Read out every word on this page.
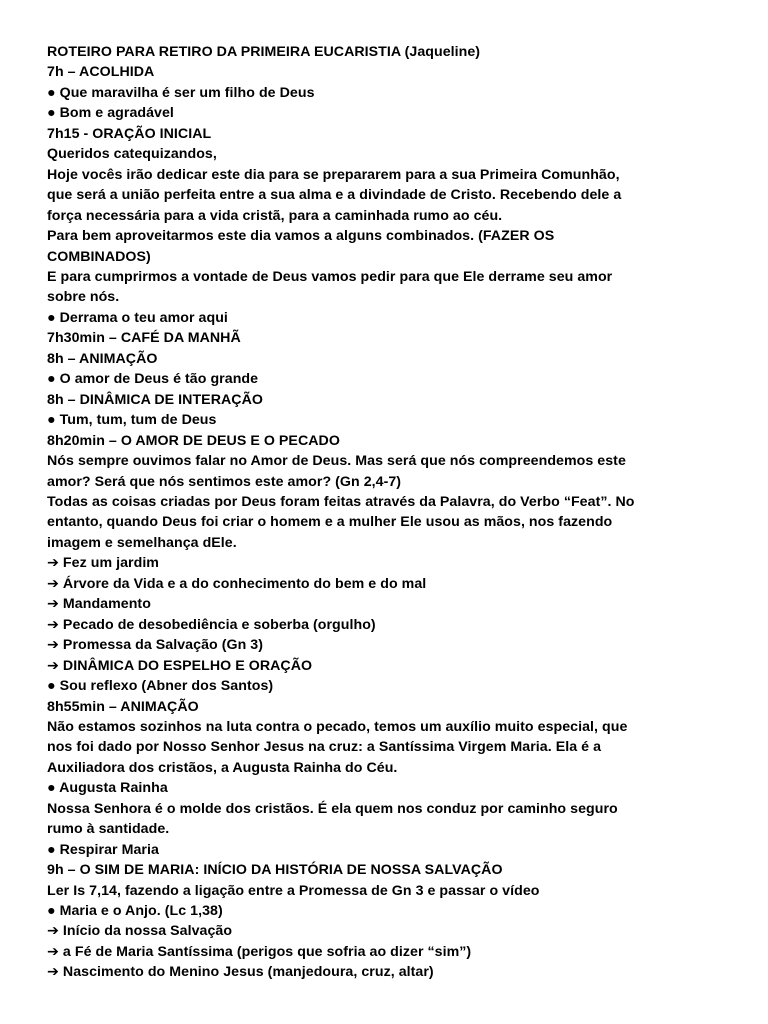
ROTEIRO PARA RETIRO DA PRIMEIRA EUCARISTIA (Jaqueline)
7h – ACOLHIDA
● Que maravilha é ser um filho de Deus
● Bom e agradável
7h15 - ORAÇÃO INICIAL
Queridos catequizandos,
Hoje vocês irão dedicar este dia para se prepararem para a sua Primeira Comunhão,
que será a união perfeita entre a sua alma e a divindade de Cristo. Recebendo dele a
força necessária para a vida cristã, para a caminhada rumo ao céu.
Para bem aproveitarmos este dia vamos a alguns combinados. (FAZER OS
COMBINADOS)
E para cumprirmos a vontade de Deus vamos pedir para que Ele derrame seu amor
sobre nós.
● Derrama o teu amor aqui
7h30min – CAFÉ DA MANHÃ
8h – ANIMAÇÃO
● O amor de Deus é tão grande
8h – DINÂMICA DE INTERAÇÃO
● Tum, tum, tum de Deus
8h20min – O AMOR DE DEUS E O PECADO
Nós sempre ouvimos falar no Amor de Deus. Mas será que nós compreendemos este
amor? Será que nós sentimos este amor? (Gn 2,4-7)
Todas as coisas criadas por Deus foram feitas através da Palavra, do Verbo “Feat”. No
entanto, quando Deus foi criar o homem e a mulher Ele usou as mãos, nos fazendo
imagem e semelhança dEle.
➔ Fez um jardim
➔ Árvore da Vida e a do conhecimento do bem e do mal
➔ Mandamento
➔ Pecado de desobediência e soberba (orgulho)
➔ Promessa da Salvação (Gn 3)
➔ DINÂMICA DO ESPELHO E ORAÇÃO
● Sou reflexo (Abner dos Santos)
8h55min – ANIMAÇÃO
Não estamos sozinhos na luta contra o pecado, temos um auxílio muito especial, que
nos foi dado por Nosso Senhor Jesus na cruz: a Santíssima Virgem Maria. Ela é a
Auxiliadora dos cristãos, a Augusta Rainha do Céu.
● Augusta Rainha
Nossa Senhora é o molde dos cristãos. É ela quem nos conduz por caminho seguro
rumo à santidade.
● Respirar Maria
9h – O SIM DE MARIA: INÍCIO DA HISTÓRIA DE NOSSA SALVAÇÃO
Ler Is 7,14, fazendo a ligação entre a Promessa de Gn 3 e passar o vídeo
● Maria e o Anjo. (Lc 1,38)
➔ Início da nossa Salvação
➔ a Fé de Maria Santíssima (perigos que sofria ao dizer “sim”)
➔ Nascimento do Menino Jesus (manjedoura, cruz, altar)
